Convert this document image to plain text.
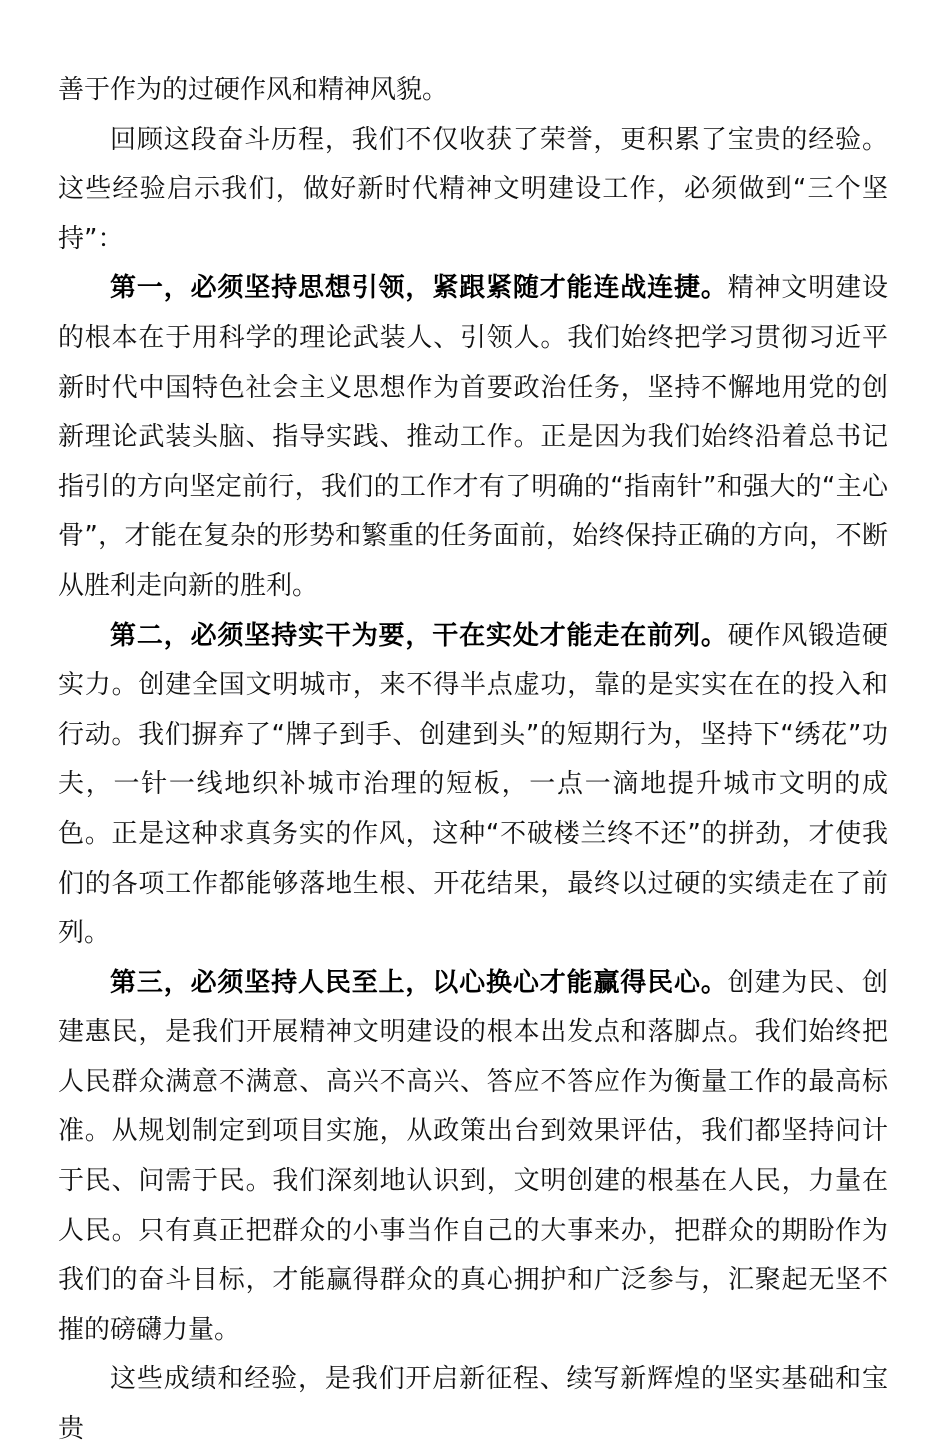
善于作为的过硬作风和精神风貌。

回顾这段奋斗历程，我们不仅收获了荣誉，更积累了宝贵的经验。这些经验启示我们，做好新时代精神文明建设工作，必须做到“三个坚持”：

第一，必须坚持思想引领，紧跟紧随才能连战连捷。精神文明建设的根本在于用科学的理论武装人、引领人。我们始终把学习贯彻习近平新时代中国特色社会主义思想作为首要政治任务，坚持不懈地用党的创新理论武装头脑、指导实践、推动工作。正是因为我们始终沿着总书记指引的方向坚定前行，我们的工作才有了明确的“指南针”和强大的“主心骨”，才能在复杂的形势和繁重的任务面前，始终保持正确的方向，不断从胜利走向新的胜利。

第二，必须坚持实干为要，干在实处才能走在前列。硬作风锻造硬实力。创建全国文明城市，来不得半点虚功，靠的是实实在在的投入和行动。我们摒弃了“牌子到手、创建到头”的短期行为，坚持下“绣花”功夫，一针一线地织补城市治理的短板，一点一滴地提升城市文明的成色。正是这种求真务实的作风，这种“不破楼兰终不还”的拼劲，才使我们的各项工作都能够落地生根、开花结果，最终以过硬的实绩走在了前列。

第三，必须坚持人民至上，以心换心才能赢得民心。创建为民、创建惠民，是我们开展精神文明建设的根本出发点和落脚点。我们始终把人民群众满意不满意、高兴不高兴、答应不答应作为衡量工作的最高标准。从规划制定到项目实施，从政策出台到效果评估，我们都坚持问计于民、问需于民。我们深刻地认识到，文明创建的根基在人民，力量在人民。只有真正把群众的小事当作自己的大事来办，把群众的期盼作为我们的奋斗目标，才能赢得群众的真心拥护和广泛参与，汇聚起无坚不摧的磅礴力量。

这些成绩和经验，是我们开启新征程、续写新辉煌的坚实基础和宝贵
